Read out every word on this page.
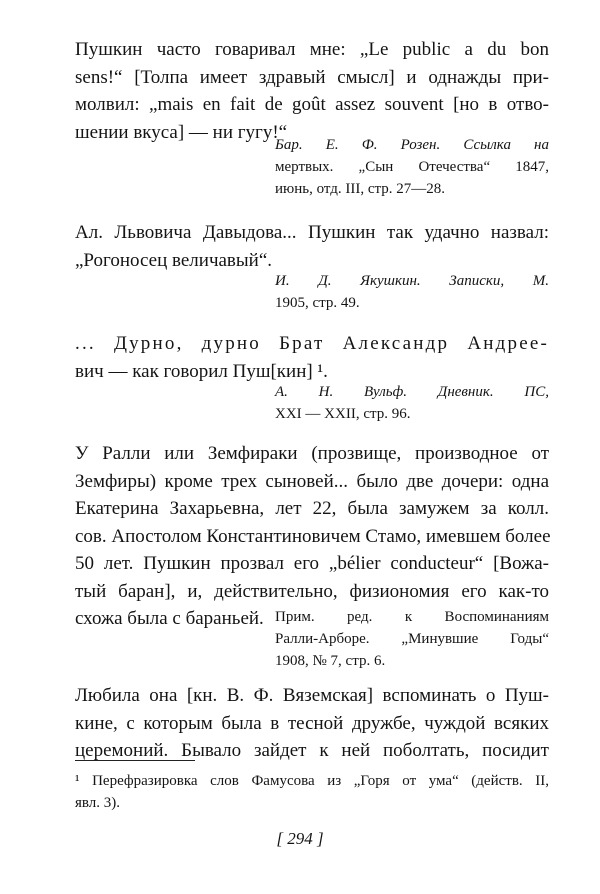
Пушкин часто говаривал мне: „Le public a du bon
sens!“ [Толпа имеет здравый смысл] и однажды при-
молвил: „mais en fait de goût assez souvent [но в отво-
шении вкуса] — ни гугу!“
Бар. Е. Ф. Розен. Ссылка на
мертвых. „Сын Отечества“ 1847,
июнь, отд. III, стр. 27—28.
Ал. Львовича Давыдова... Пушкин так удачно назвал:
„Рогоносец величавый“.
И. Д. Якушкин. Записки, М.
1905, стр. 49.
... Дурно, дурно Брат Александр Андрее-
вич — как говорил Пуш[кин] ¹.
А. Н. Вульф. Дневник. ПС,
XXI — XXII, стр. 96.
У Ралли или Земфираки (прозвище, производное от
Земфиры) кроме трех сыновей... было две дочери: одна
Екатерина Захарьевна, лет 22, была замужем за колл.
сов. Апостолом Константиновичем Стамо, имевшем более
50 лет. Пушкин прозвал его „bélier conducteur“ [Вожа-
тый баран], и, действительно, физиономия его как-то
схожа была с бараньей. Прим. ред. к Воспоминаниям
Ралли-Арборе. „Минувшие Годы“
1908, № 7, стр. 6.
Любила она [кн. В. Ф. Вяземская] вспоминать о Пуш-
кине, с которым была в тесной дружбе, чуждой всяких
церемоний. Бывало зайдет к ней поболтать, посидит
¹ Перефразировка слов Фамусова из „Горя от ума“ (действ. II,
явл. 3).
[ 294 ]
